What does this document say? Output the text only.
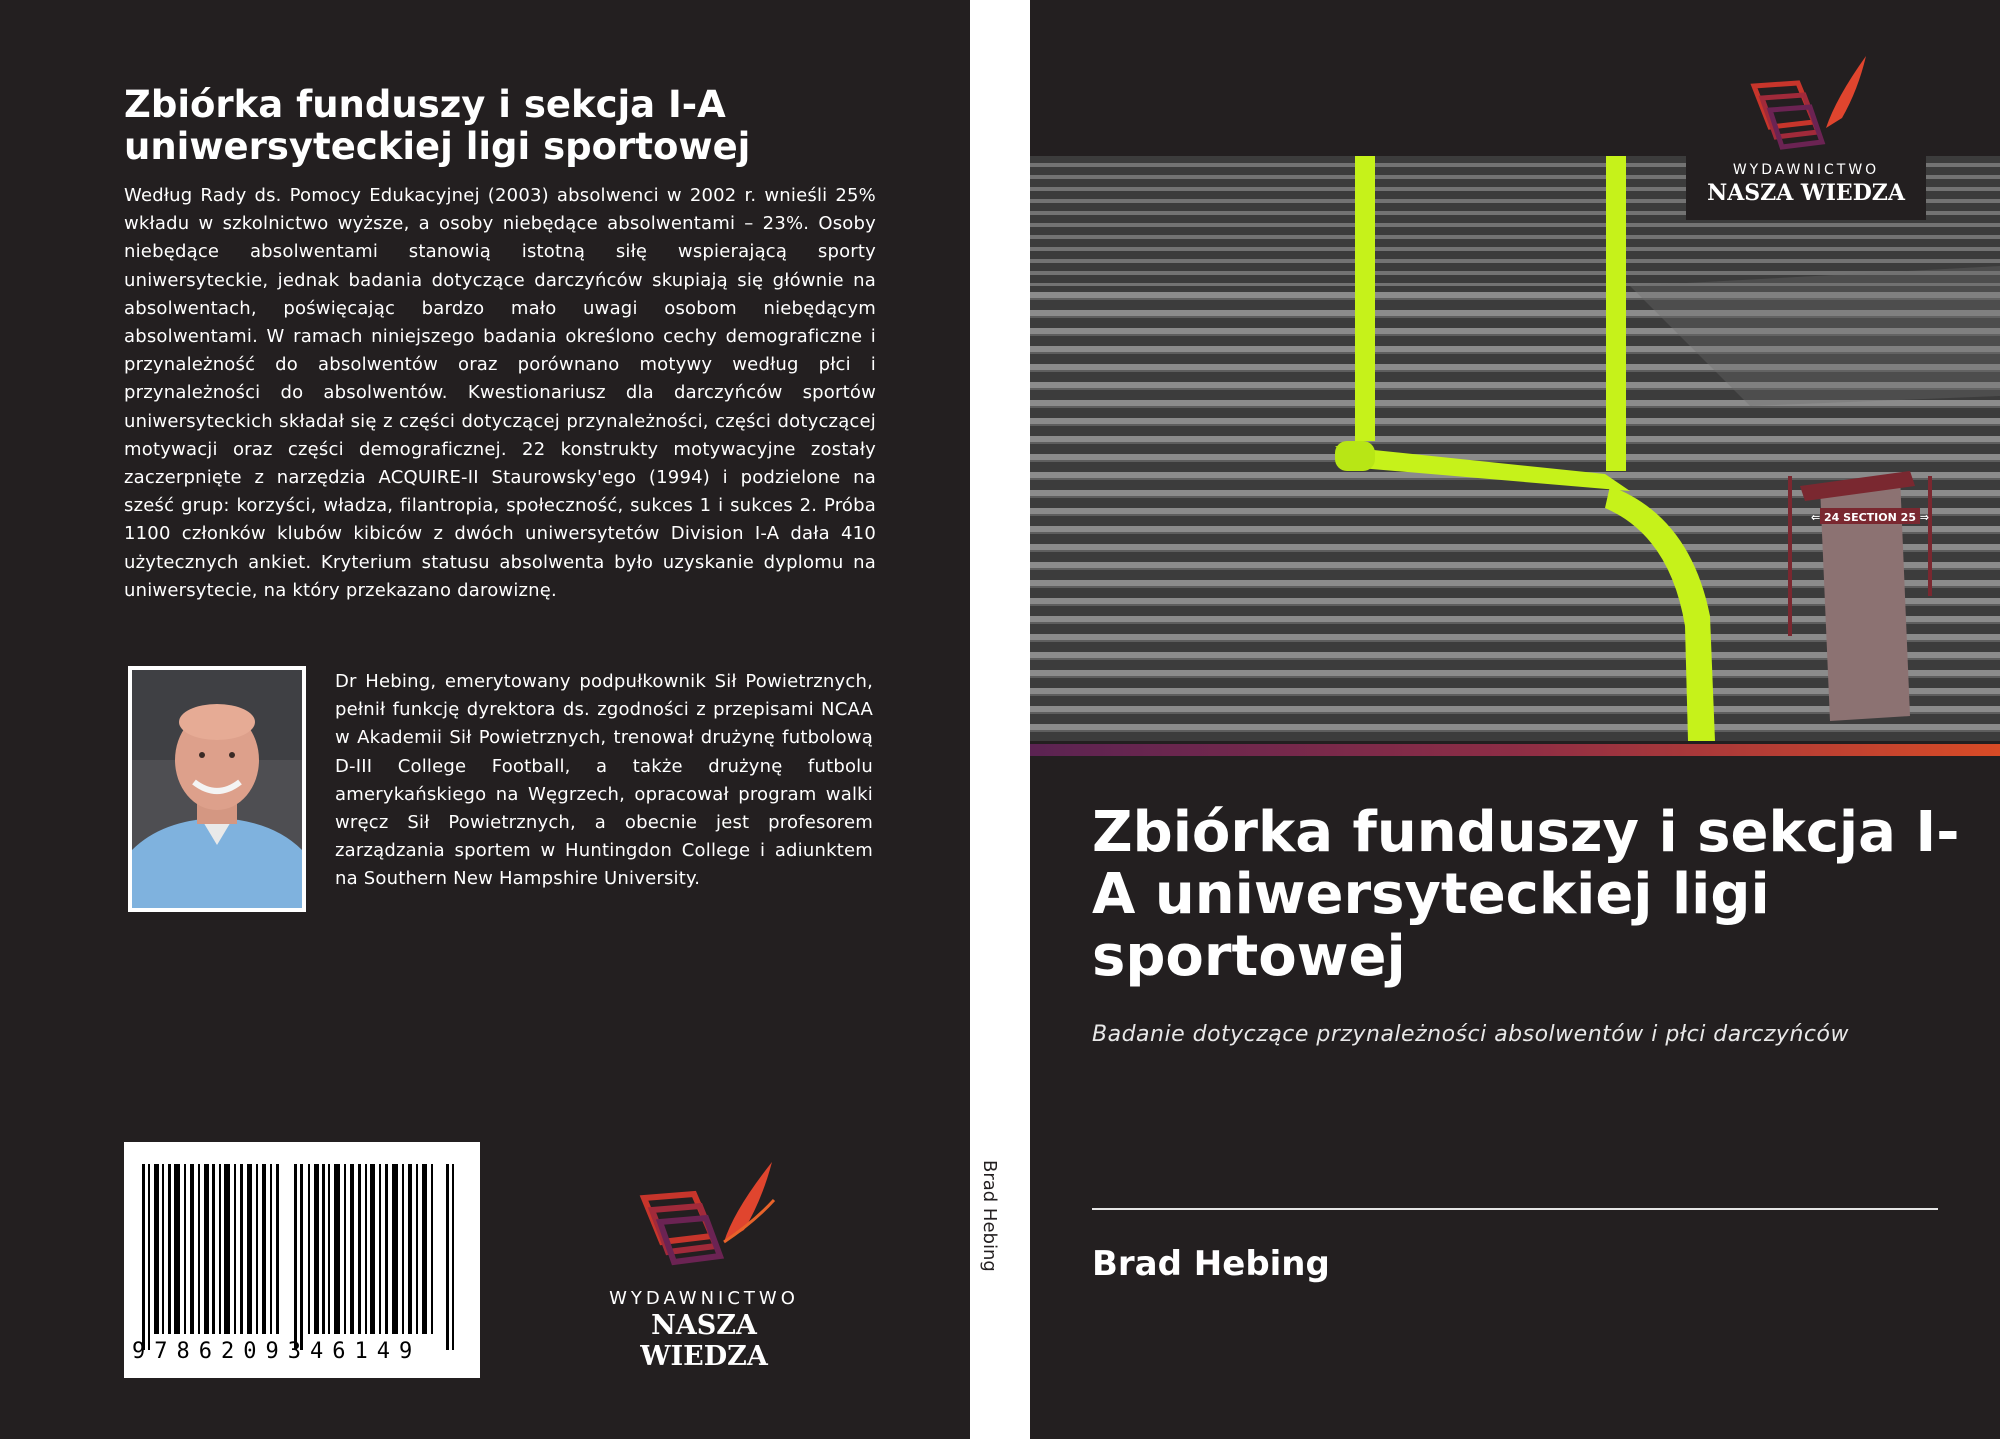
Zbiórka funduszy i sekcja I-A uniwersyteckiej ligi sportowej

Według Rady ds. Pomocy Edukacyjnej (2003) absolwenci w 2002 r. wnieśli 25% wkładu w szkolnictwo wyższe, a osoby niebędące absolwentami – 23%. Osoby niebędące absolwentami stanowią istotną siłę wspierającą sporty uniwersyteckie, jednak badania dotyczące darczyńców skupiają się głównie na absolwentach, poświęcając bardzo mało uwagi osobom niebędącym absolwentami. W ramach niniejszego badania określono cechy demograficzne i przynależność do absolwentów oraz porównano motywy według płci i przynależności do absolwentów. Kwestionariusz dla darczyńców sportów uniwersyteckich składał się z części dotyczącej przynależności, części dotyczącej motywacji oraz części demograficznej. 22 konstrukty motywacyjne zostały zaczerpnięte z narzędzia ACQUIRE-II Staurowsky'ego (1994) i podzielone na sześć grup: korzyści, władza, filantropia, społeczność, sukces 1 i sukces 2. Próba 1100 członków klubów kibiców z dwóch uniwersytetów Division I-A dała 410 użytecznych ankiet. Kryterium statusu absolwenta było uzyskanie dyplomu na uniwersytecie, na który przekazano darowiznę.

Dr Hebing, emerytowany podpułkownik Sił Powietrznych, pełnił funkcję dyrektora ds. zgodności z przepisami NCAA w Akademii Sił Powietrznych, trenował drużynę futbolową D-III College Football, a także drużynę futbolu amerykańskiego na Węgrzech, opracował program walki wręcz Sił Powietrznych, a obecnie jest profesorem zarządzania sportem w Huntingdon College i adiunktem na Southern New Hampshire University.

9786209346149
WYDAWNICTWO
NASZA WIEDZA
Brad Hebing
⇐ 24 SECTION 25 ⇒
WYDAWNICTWO
NASZA WIEDZA
Zbiórka funduszy i sekcja I-A uniwersyteckiej ligi sportowej

Badanie dotyczące przynależności absolwentów i płci darczyńców

Brad Hebing
